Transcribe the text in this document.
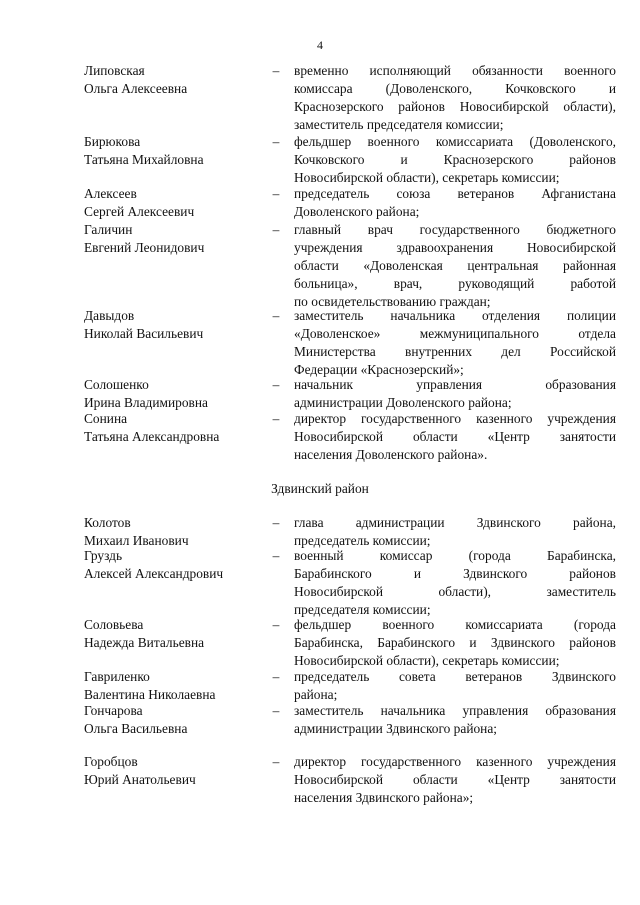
4
Липовская
Ольга Алексеевна
– временно исполняющий обязанности военного
комиссара (Доволенского, Кочковского и
Краснозерского районов Новосибирской области),
заместитель председателя комиссии;
Бирюкова
Татьяна Михайловна
– фельдшер военного комиссариата (Доволенского,
Кочковского и Краснозерского районов
Новосибирской области), секретарь комиссии;
Алексеев
Сергей Алексеевич
– председатель союза ветеранов Афганистана
Доволенского района;
Галичин
Евгений Леонидович
– главный врач государственного бюджетного
учреждения здравоохранения Новосибирской
области «Доволенская центральная районная
больница», врач, руководящий работой
по освидетельствованию граждан;
Давыдов
Николай Васильевич
– заместитель начальника отделения полиции
«Доволенское» межмуниципального отдела
Министерства внутренних дел Российской
Федерации «Краснозерский»;
Солошенко
Ирина Владимировна
– начальник управления образования
администрации Доволенского района;
Сонина
Татьяна Александровна
– директор государственного казенного учреждения
Новосибирской области «Центр занятости
населения Доволенского района».
Здвинский район
Колотов
Михаил Иванович
– глава администрации Здвинского района,
председатель комиссии;
Груздь
Алексей Александрович
– военный комиссар (города Барабинска,
Барабинского и Здвинского районов
Новосибирской области), заместитель
председателя комиссии;
Соловьева
Надежда Витальевна
– фельдшер военного комиссариата (города
Барабинска, Барабинского и Здвинского районов
Новосибирской области), секретарь комиссии;
Гавриленко
Валентина Николаевна
– председатель совета ветеранов Здвинского
района;
Гончарова
Ольга Васильевна
– заместитель начальника управления образования
администрации Здвинского района;
Горобцов
Юрий Анатольевич
– директор государственного казенного учреждения
Новосибирской области «Центр занятости
населения Здвинского района»;
